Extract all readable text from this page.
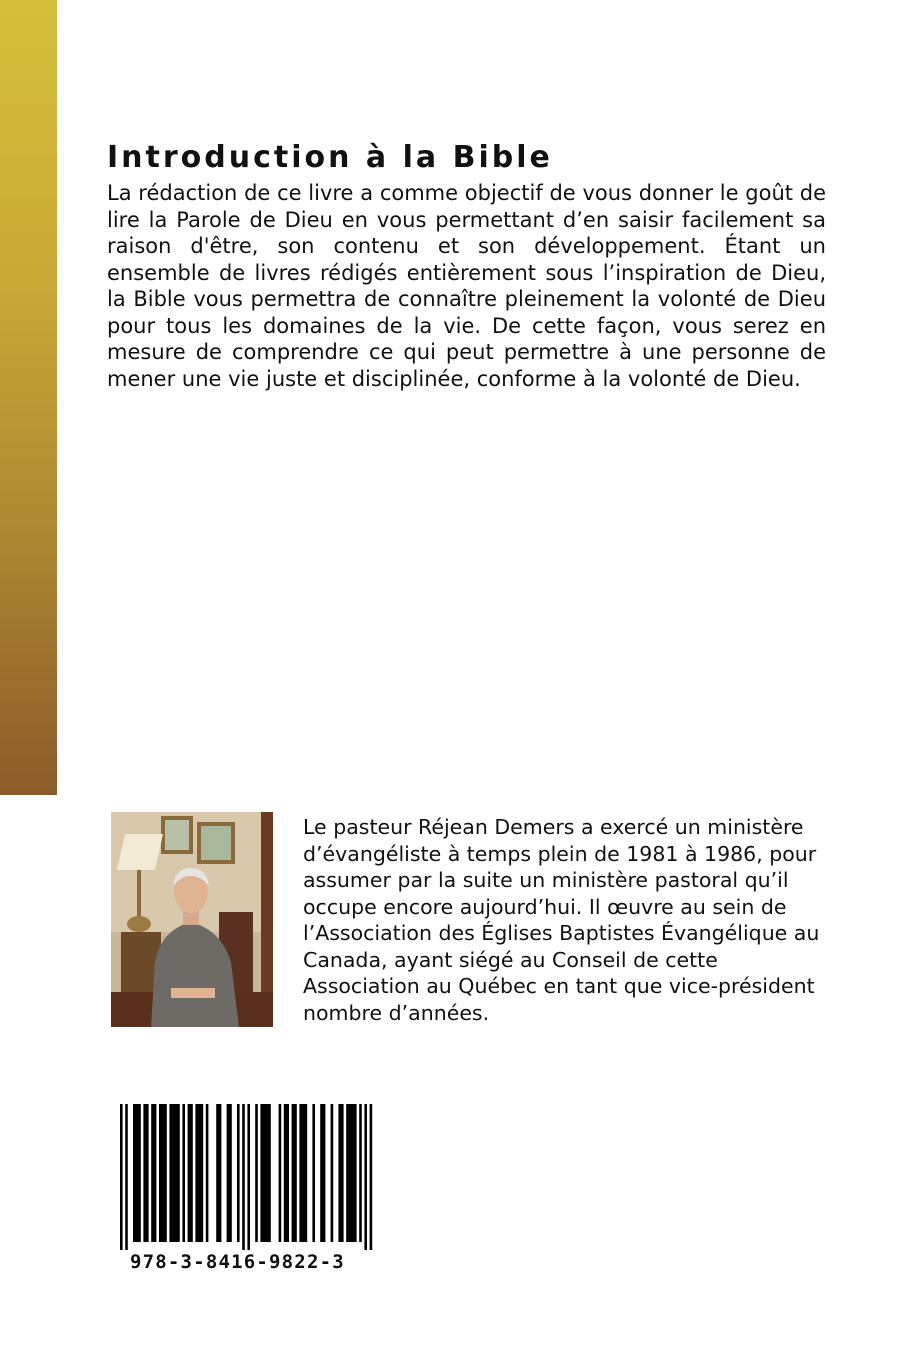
Introduction à la Bible

La rédaction de ce livre a comme objectif de vous donner le goût de lire la Parole de Dieu en vous permettant d’en saisir facilement sa raison d'être, son contenu et son développement. Étant un ensemble de livres rédigés entièrement sous l’inspiration de Dieu, la Bible vous permettra de connaître pleinement la volonté de Dieu pour tous les domaines de la vie. De cette façon, vous serez en mesure de comprendre ce qui peut permettre à une personne de mener une vie juste et disciplinée, conforme à la volonté de Dieu.

Le pasteur Réjean Demers a exercé un ministère d’évangéliste à temps plein de 1981 à 1986, pour assumer par la suite un ministère pastoral qu’il occupe encore aujourd’hui. Il œuvre au sein de l’Association des Églises Baptistes Évangélique au Canada, ayant siégé au Conseil de cette Association au Québec en tant que vice-président nombre d’années.

978-3-8416-9822-3
